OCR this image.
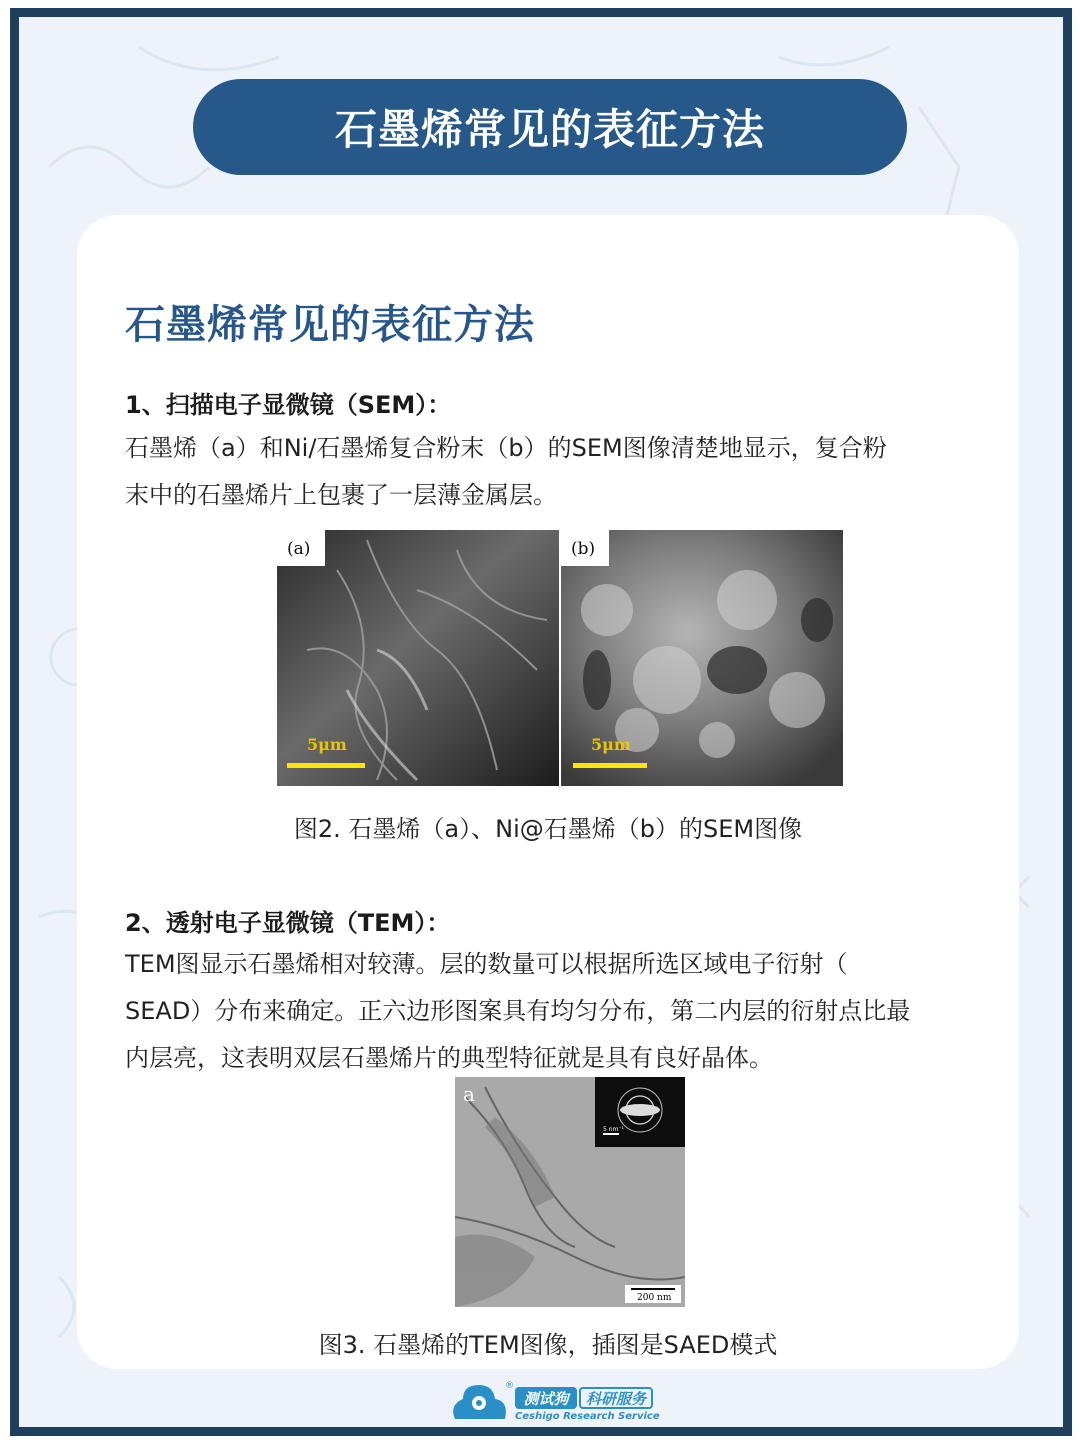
石墨烯常见的表征方法
石墨烯常见的表征方法
1、扫描电子显微镜（SEM）：
石墨烯（a）和Ni/石墨烯复合粉末（b）的SEM图像清楚地显示，复合粉
末中的石墨烯片上包裹了一层薄金属层。
(a)
5μm
(b)
5μm
图2. 石墨烯（a）、Ni@石墨烯（b）的SEM图像
2、透射电子显微镜（TEM）：
TEM图显示石墨烯相对较薄。层的数量可以根据所选区域电子衍射（
SEAD）分布来确定。正六边形图案具有均匀分布，第二内层的衍射点比最
内层亮，这表明双层石墨烯片的典型特征就是具有良好晶体。
a
5 nm⁻¹
200 nm
图3. 石墨烯的TEM图像，插图是SAED模式
®
测试狗	科研服务
Ceshigo Research Service
